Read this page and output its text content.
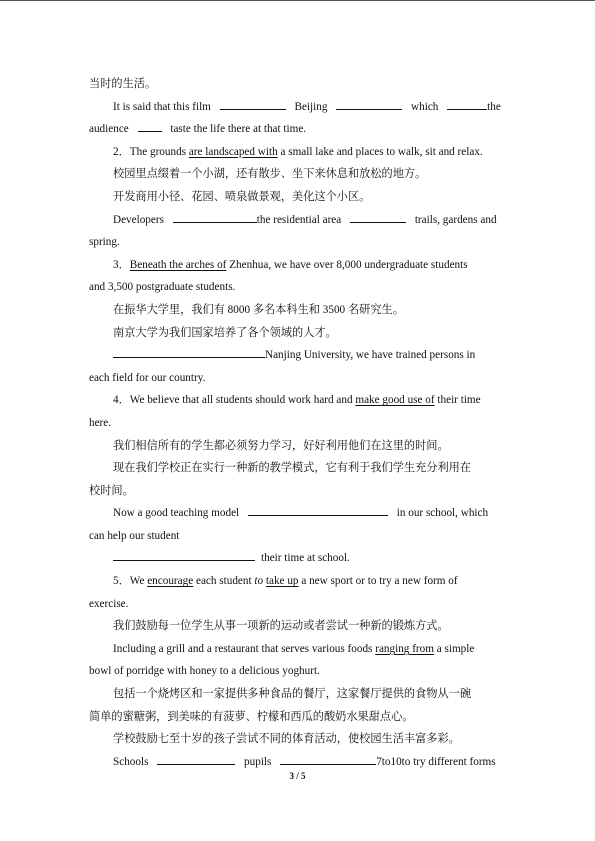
当时的生活。
It is said that this film	Beijing	which	the
audience	taste the life there at that time.
2．The grounds are landscaped with a small lake and places to walk, sit and relax.
校园里点缀着一个小湖，还有散步、坐下来休息和放松的地方。
开发商用小径、花园、喷泉做景观，美化这个小区。
Developers	the residential area	trails, gardens and
spring.
3．Beneath the arches of Zhenhua, we have over 8,000 undergraduate students
and 3,500 postgraduate students.
在振华大学里，我们有 8000 多名本科生和 3500 名研究生。
南京大学为我们国家培养了各个领域的人才。
Nanjing University, we have trained persons in
each field for our country.
4．We believe that all students should work hard and make good use of their time
here.
我们相信所有的学生都必须努力学习，好好利用他们在这里的时间。
现在我们学校正在实行一种新的教学模式，它有利于我们学生充分利用在
校时间。
Now a good teaching model	in our school, which
can help our student
their time at school.
5．We encourage each student to take up a new sport or to try a new form of
exercise.
我们鼓励每一位学生从事一项新的运动或者尝试一种新的锻炼方式。
Including a grill and a restaurant that serves various foods ranging from a simple
bowl of porridge with honey to a delicious yoghurt.
包括一个烧烤区和一家提供多种食品的餐厅，这家餐厅提供的食物从一碗
简单的蜜糖粥，到美味的有菠萝、柠檬和西瓜的酸奶水果甜点心。
学校鼓励七至十岁的孩子尝试不同的体育活动，使校园生活丰富多彩。
Schools	pupils	7to10to try different forms
3 / 5
